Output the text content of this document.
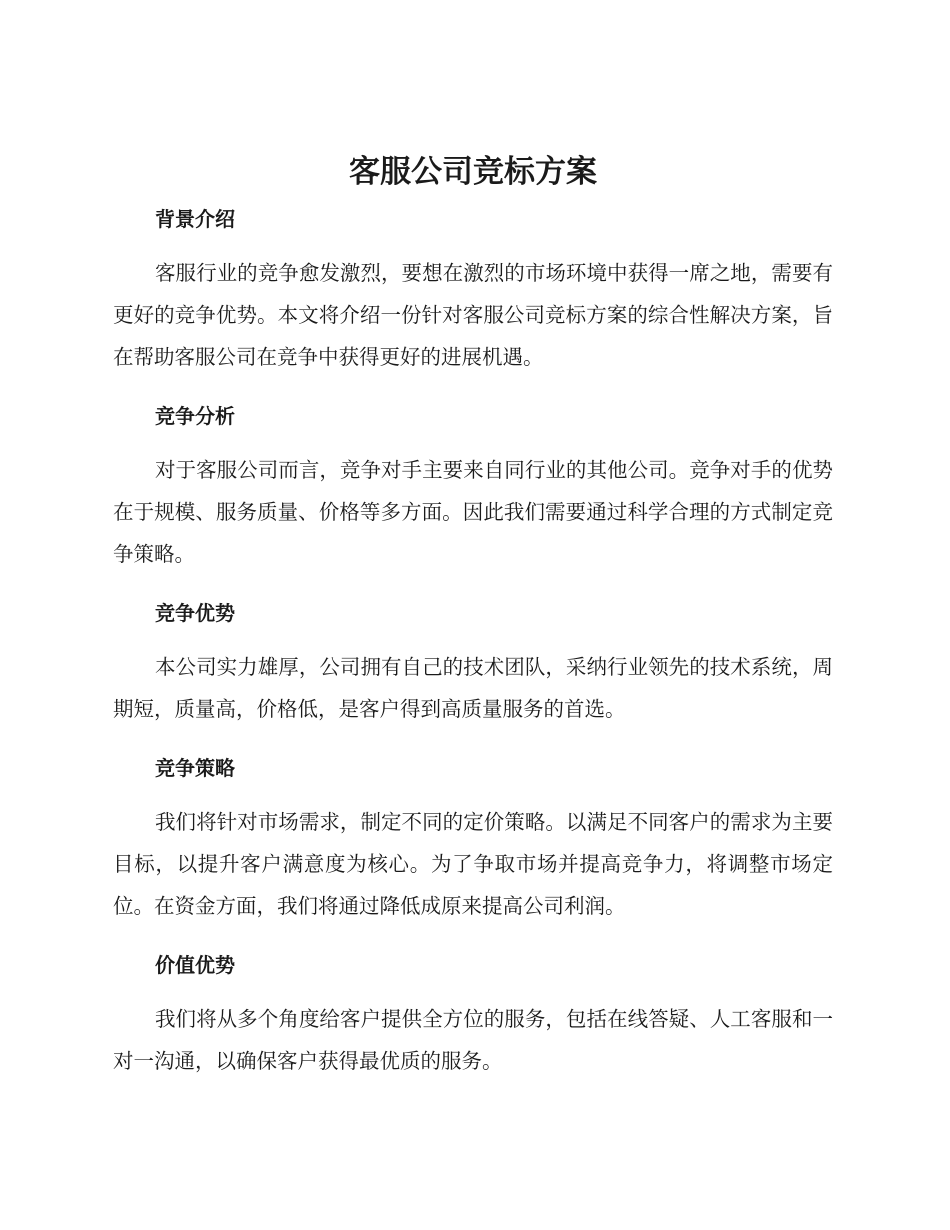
客服公司竞标方案
背景介绍

客服行业的竞争愈发激烈，要想在激烈的市场环境中获得一席之地，需要有更好的竞争优势。本文将介绍一份针对客服公司竞标方案的综合性解决方案，旨在帮助客服公司在竞争中获得更好的进展机遇。

竞争分析

对于客服公司而言，竞争对手主要来自同行业的其他公司。竞争对手的优势在于规模、服务质量、价格等多方面。因此我们需要通过科学合理的方式制定竞争策略。

竞争优势

本公司实力雄厚，公司拥有自己的技术团队，采纳行业领先的技术系统，周期短，质量高，价格低，是客户得到高质量服务的首选。

竞争策略

我们将针对市场需求，制定不同的定价策略。以满足不同客户的需求为主要目标，以提升客户满意度为核心。为了争取市场并提高竞争力，将调整市场定位。在资金方面，我们将通过降低成原来提高公司利润。

价值优势

我们将从多个角度给客户提供全方位的服务，包括在线答疑、人工客服和一对一沟通，以确保客户获得最优质的服务。
